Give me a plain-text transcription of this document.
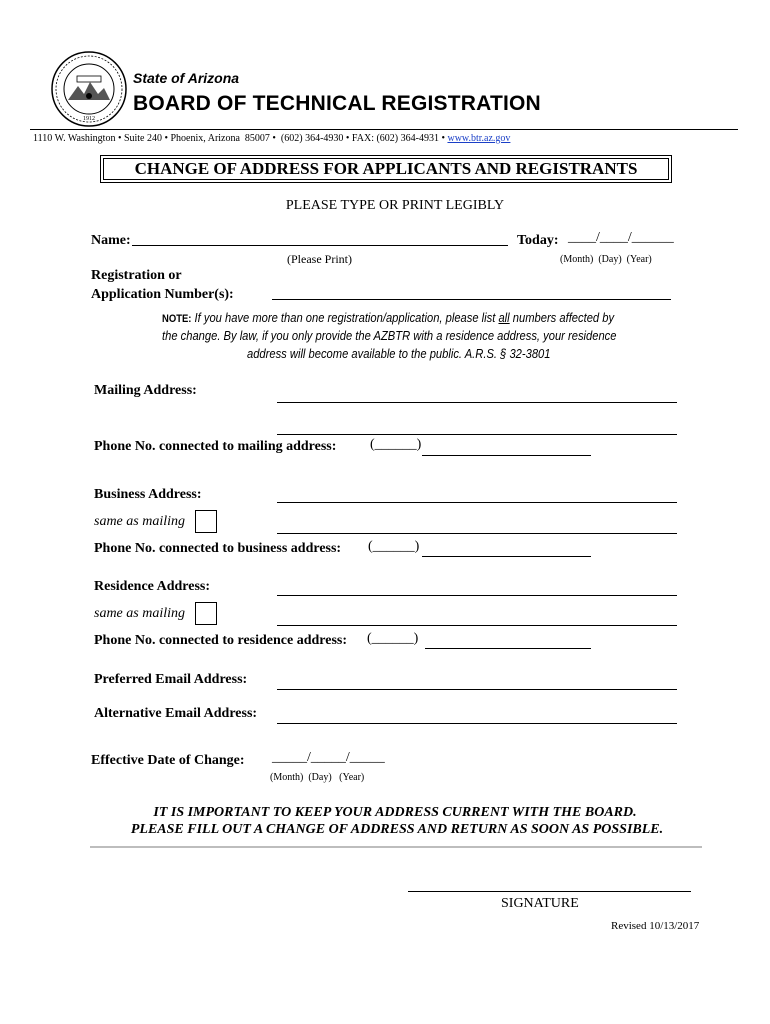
1912
State of Arizona
BOARD OF TECHNICAL REGISTRATION
1110 W. Washington • Suite 240 • Phoenix, Arizona  85007 •  (602) 364-4930 • FAX: (602) 364-4931 • www.btr.az.gov
CHANGE OF ADDRESS FOR APPLICANTS AND REGISTRANTS
PLEASE TYPE OR PRINT LEGIBLY
Name:	Today: ____/____/______
(Please Print)	(Month)  (Day)  (Year)
Registration or
Application Number(s):
NOTE: If you have more than one registration/application, please list all numbers affected by
the change. By law, if you only provide the AZBTR with a residence address, your residence
address will become available to the public. A.R.S. § 32-3801
Mailing Address:
Phone No. connected to mailing address: (______)
Business Address:
same as mailing
Phone No. connected to business address: (______)
Residence Address:
same as mailing
Phone No. connected to residence address: (______)
Preferred Email Address:
Alternative Email Address:
Effective Date of Change: _____/_____/_____
(Month)  (Day)   (Year)
IT IS IMPORTANT TO KEEP YOUR ADDRESS CURRENT WITH THE BOARD.
PLEASE FILL OUT A CHANGE OF ADDRESS AND RETURN AS SOON AS POSSIBLE.
SIGNATURE
Revised 10/13/2017
